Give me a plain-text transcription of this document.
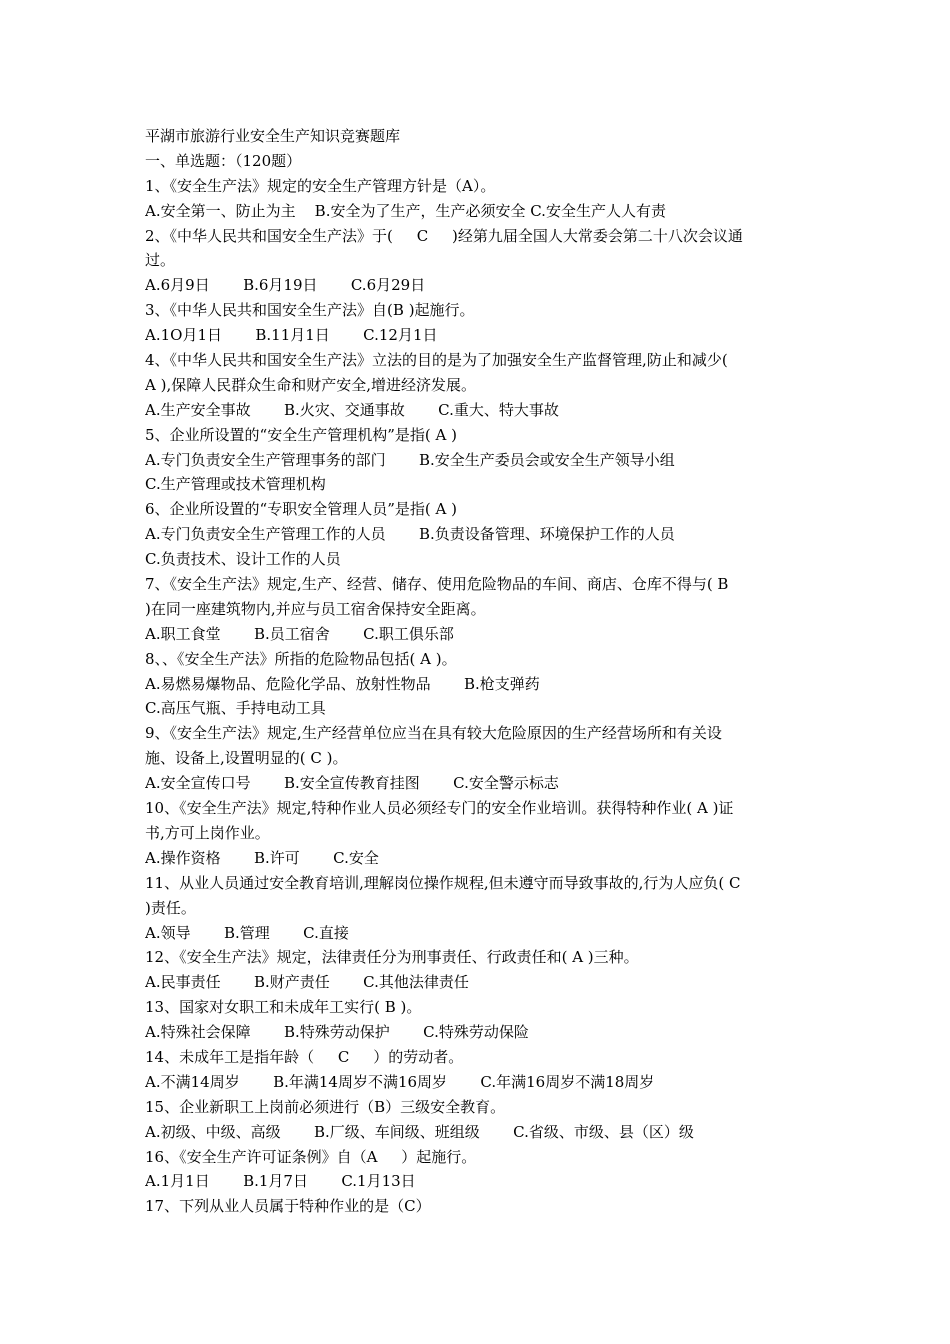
平湖市旅游行业安全生产知识竞赛题库
一、单选题：（120题）
1、《安全生产法》规定的安全生产管理方针是（A）。
A.安全第一、防止为主    B.安全为了生产，生产必须安全 C.安全生产人人有责
2、《中华人民共和国安全生产法》于(     C     )经第九届全国人大常委会第二十八次会议通
过。
A.6月9日       B.6月19日       C.6月29日
3、《中华人民共和国安全生产法》自(B )起施行。
A.1O月1日       B.11月1日       C.12月1日
4、《中华人民共和国安全生产法》立法的目的是为了加强安全生产监督管理,防止和减少(
A ),保障人民群众生命和财产安全,增进经济发展。
A.生产安全事故       B.火灾、交通事故       C.重大、特大事故
5、企业所设置的“安全生产管理机构”是指( A )
A.专门负责安全生产管理事务的部门       B.安全生产委员会或安全生产领导小组
C.生产管理或技术管理机构
6、企业所设置的“专职安全管理人员”是指( A )
A.专门负责安全生产管理工作的人员       B.负责设备管理、环境保护工作的人员
C.负责技术、设计工作的人员
7、《安全生产法》规定,生产、经营、储存、使用危险物品的车间、商店、仓库不得与( B
)在同一座建筑物内,并应与员工宿舍保持安全距离。
A.职工食堂       B.员工宿舍       C.职工俱乐部
8、、《安全生产法》所指的危险物品包括( A )。
A.易燃易爆物品、危险化学品、放射性物品       B.枪支弹药
C.高压气瓶、手持电动工具
9、《安全生产法》规定,生产经营单位应当在具有较大危险原因的生产经营场所和有关设
施、设备上,设置明显的( C )。
A.安全宣传口号       B.安全宣传教育挂图       C.安全警示标志
10、《安全生产法》规定,特种作业人员必须经专门的安全作业培训。获得特种作业( A )证
书,方可上岗作业。
A.操作资格       B.许可       C.安全
11、从业人员通过安全教育培训,理解岗位操作规程,但未遵守而导致事故的,行为人应负( C
)责任。
A.领导       B.管理       C.直接
12、《安全生产法》规定，法律责任分为刑事责任、行政责任和( A )三种。
A.民事责任       B.财产责任       C.其他法律责任
13、国家对女职工和未成年工实行( B )。
A.特殊社会保障       B.特殊劳动保护       C.特殊劳动保险
14、未成年工是指年龄（     C     ）的劳动者。
A.不满14周岁       B.年满14周岁不满16周岁       C.年满16周岁不满18周岁
15、企业新职工上岗前必须进行（B）三级安全教育。
A.初级、中级、高级       B.厂级、车间级、班组级       C.省级、市级、县（区）级
16、《安全生产许可证条例》自（A     ）起施行。
A.1月1日       B.1月7日       C.1月13日
17、下列从业人员属于特种作业的是（C）
